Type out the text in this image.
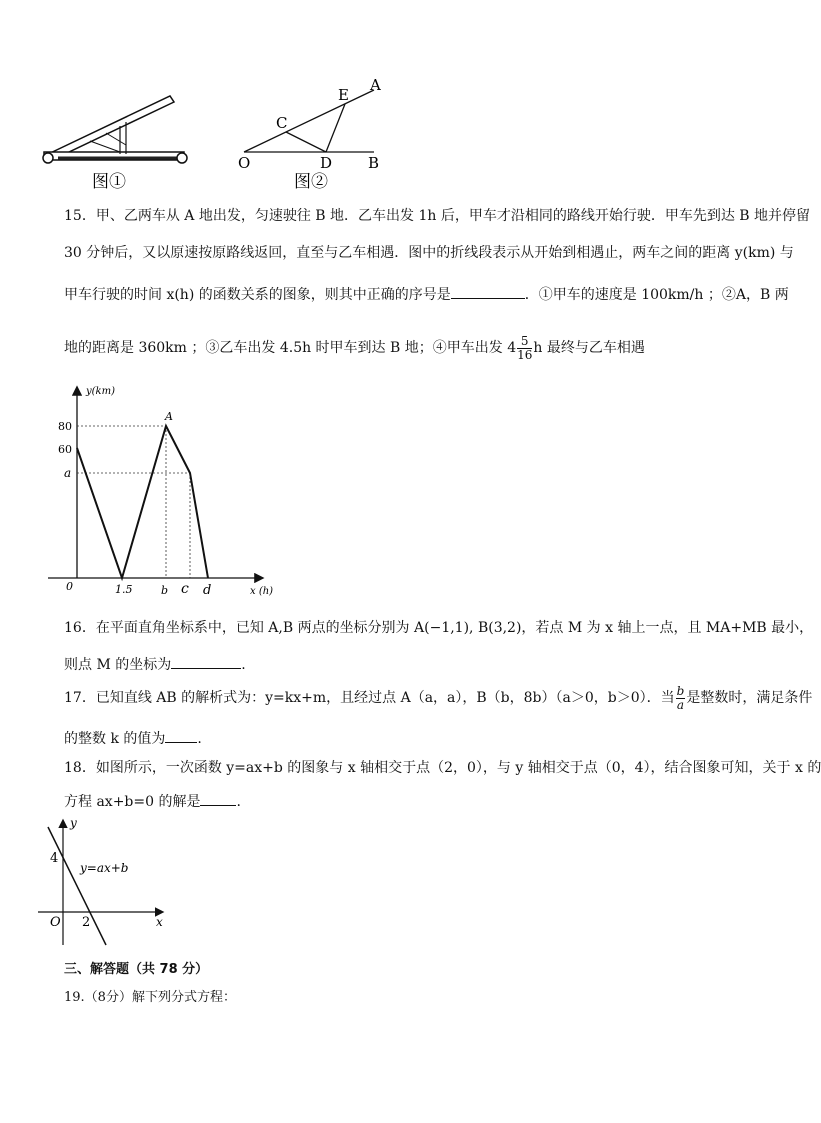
图①
E
A
C
O	D B
图②
15．甲、乙两车从 A 地出发，匀速驶往 B 地．乙车出发 1h 后，甲车才沿相同的路线开始行驶．甲车先到达 B 地并停留
30 分钟后，又以原速按原路线返回，直至与乙车相遇．图中的折线段表示从开始到相遇止，两车之间的距离 y(km) 与
甲车行驶的时间 x(h) 的函数关系的图象，则其中正确的序号是	．①甲车的速度是 100km/h ；②A，B 两
地的距离是 360km ；③乙车出发 4.5h 时甲车到达 B 地；④甲车出发 $4 \frac{5}{16}$ h 最终与乙车相遇
y(km)
x (h)
0
80
60
a
1.5	b c d
A
16．在平面直角坐标系中，已知 A,B 两点的坐标分别为 A(−1,1), B(3,2)，若点 M 为 x 轴上一点，且 MA+MB 最小，
则点 M 的坐标为	.
17．已知直线 AB 的解析式为：y=kx+m，且经过点 A（a，a），B（b，8b）（a＞0，b＞0）．当 $\frac{b}{a}$ 是整数时，满足条件
的整数 k 的值为 .
18．如图所示，一次函数 y=ax+b 的图象与 x 轴相交于点（2，0），与 y 轴相交于点（0，4），结合图象可知，关于 x 的
方程 ax+b=0 的解是	.
y
x
O
4
2
y=ax+b
三、解答题（共 78 分）
19.（8分）解下列分式方程：
